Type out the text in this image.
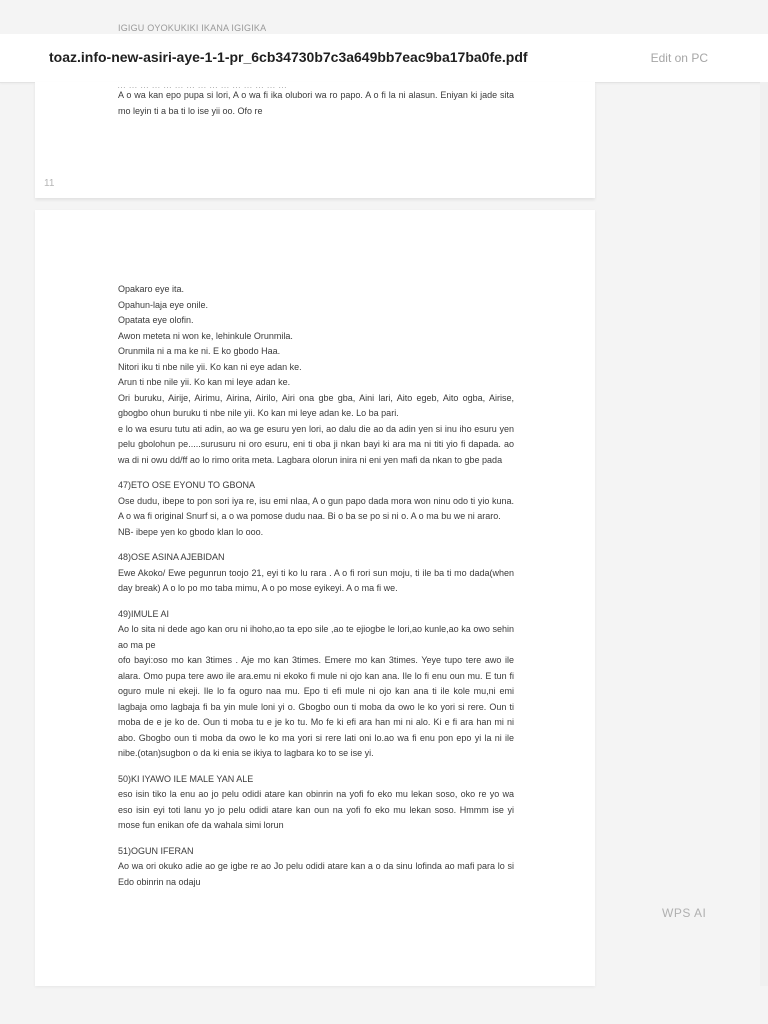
IGIGU OYOKUKIKI IKANA IGIGIKA
toaz.info-new-asiri-aye-1-1-pr_6cb34730b7c3a649bb7eac9ba17ba0fe.pdf	Edit on PC
… … … … … … … … … … … … … … …
A o wa kan epo pupa si lori, A o wa fi ika olubori wa ro papo. A o fi la ni alasun. Eniyan ki jade sita mo leyin ti a ba ti lo ise yii oo. Ofo re
11

Opakaro eye ita.

Opahun-laja eye onile.

Opatata eye olofin.

Awon meteta ni won ke, lehinkule Orunmila.

Orunmila ni a ma ke ni. E ko gbodo Haa.

Nitori iku ti nbe nile yii. Ko kan ni eye adan ke.

Arun ti nbe nile yii. Ko kan mi leye adan ke.

Ori buruku, Airije, Airimu, Airina, Airilo, Airi ona gbe gba, Aini lari, Aito egeb, Aito ogba, Airise, gbogbo ohun buruku ti nbe nile yii. Ko kan mi leye adan ke. Lo ba pari.

e lo wa esuru tutu ati adin, ao wa ge esuru yen lori, ao dalu die ao da adin yen si inu iho esuru yen pelu gbolohun pe.....surusuru ni oro esuru, eni ti oba ji nkan bayi ki ara ma ni titi yio fi dapada. ao wa di ni owu dd/ff ao lo rimo orita meta. Lagbara olorun inira ni eni yen mafi da nkan to gbe pada

47)ETO OSE EYONU TO GBONA

Ose dudu, ibepe to pon sori iya re, isu emi nlaa, A o gun papo dada mora won ninu odo ti yio kuna. A o wa fi original Snurf si, a o wa pomose dudu naa. Bi o ba se po si ni o. A o ma bu we ni araro.

NB- ibepe yen ko gbodo klan lo ooo.

48)OSE ASINA AJEBIDAN

Ewe Akoko/ Ewe pegunrun toojo 21, eyi ti ko lu rara . A o fi rori sun moju, ti ile ba ti mo dada(when day break) A o lo po mo taba mimu, A o po mose eyikeyi. A o ma fi we.

49)IMULE AI

Ao lo sita ni dede ago kan oru ni ihoho,ao ta epo sile ,ao te ejiogbe le lori,ao kunle,ao ka owo sehin ao ma pe

ofo bayi:oso mo kan 3times . Aje mo kan 3times. Emere mo kan 3times. Yeye tupo tere awo ile alara. Omo pupa tere awo ile ara.emu ni ekoko fi mule ni ojo kan ana. Ile lo fi enu oun mu. E tun fi oguro mule ni ekeji. Ile lo fa oguro naa mu. Epo ti efi mule ni ojo kan ana ti ile kole mu,ni emi lagbaja omo lagbaja fi ba yin mule loni yi o. Gbogbo oun ti moba da owo le ko yori si rere. Oun ti moba de e je ko de. Oun ti moba tu e je ko tu. Mo fe ki efi ara han mi ni alo. Ki e fi ara han mi ni abo. Gbogbo oun ti moba da owo le ko ma yori si rere lati oni lo.ao wa fi enu pon epo yi la ni ile nibe.(otan)sugbon o da ki enia se ikiya to lagbara ko to se ise yi.

50)KI IYAWO ILE MALE YAN ALE

eso isin tiko la enu ao jo pelu odidi atare kan obinrin na yofi fo eko mu lekan soso, oko re yo wa eso isin eyi toti lanu yo jo pelu odidi atare kan oun na yofi fo eko mu lekan soso. Hmmm ise yi mose fun enikan ofe da wahala simi lorun

51)OGUN IFERAN

Ao wa ori okuko adie ao ge igbe re ao Jo pelu odidi atare kan a o da sinu lofinda ao mafi para lo si Edo obinrin na odaju

WPS AI
